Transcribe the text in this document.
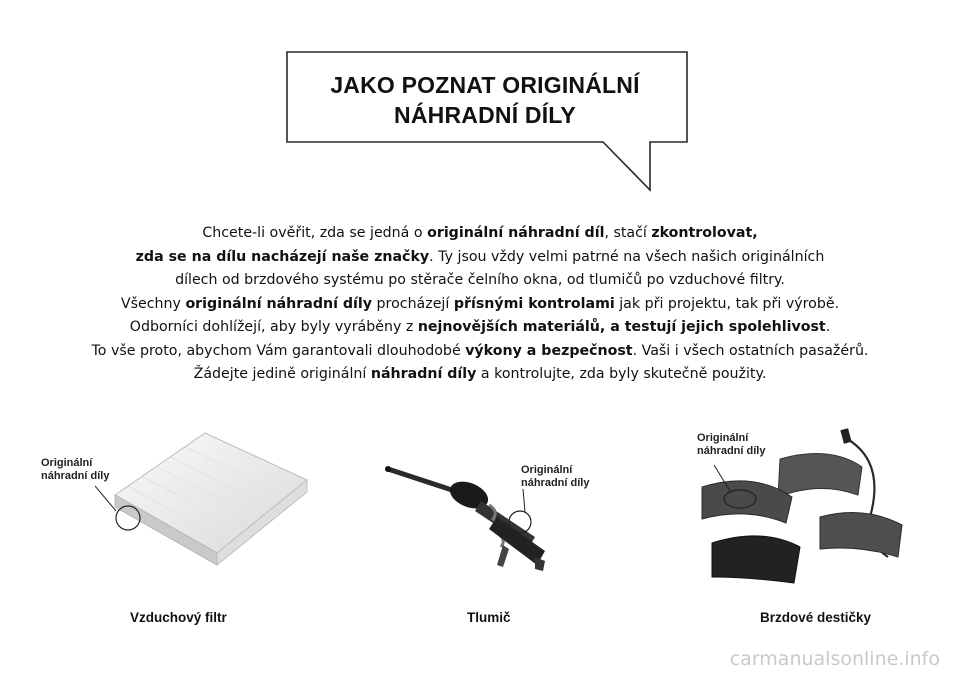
JAKO POZNAT ORIGINÁLNÍ
NÁHRADNÍ DÍLY
Chcete-li ověřit, zda se jedná o originální náhradní díl, stačí zkontrolovat,
zda se na dílu nacházejí naše značky. Ty jsou vždy velmi patrné na všech našich originálních
dílech od brzdového systému po stěrače čelního okna, od tlumičů po vzduchové filtry.
Všechny originální náhradní díly procházejí přísnými kontrolami jak při projektu, tak při výrobě.
Odborníci dohlížejí, aby byly vyráběny z nejnovějších materiálů, a testují jejich spolehlivost.
To vše proto, abychom Vám garantovali dlouhodobé výkony a bezpečnost. Vaši i všech ostatních pasažérů.
Žádejte jedině originální náhradní díly a kontrolujte, zda byly skutečně použity.
Originální
náhradní díly
Vzduchový filtr
Originální
náhradní díly
Tlumič
Originální
náhradní díly
Brzdové destičky
carmanualsonline.info
